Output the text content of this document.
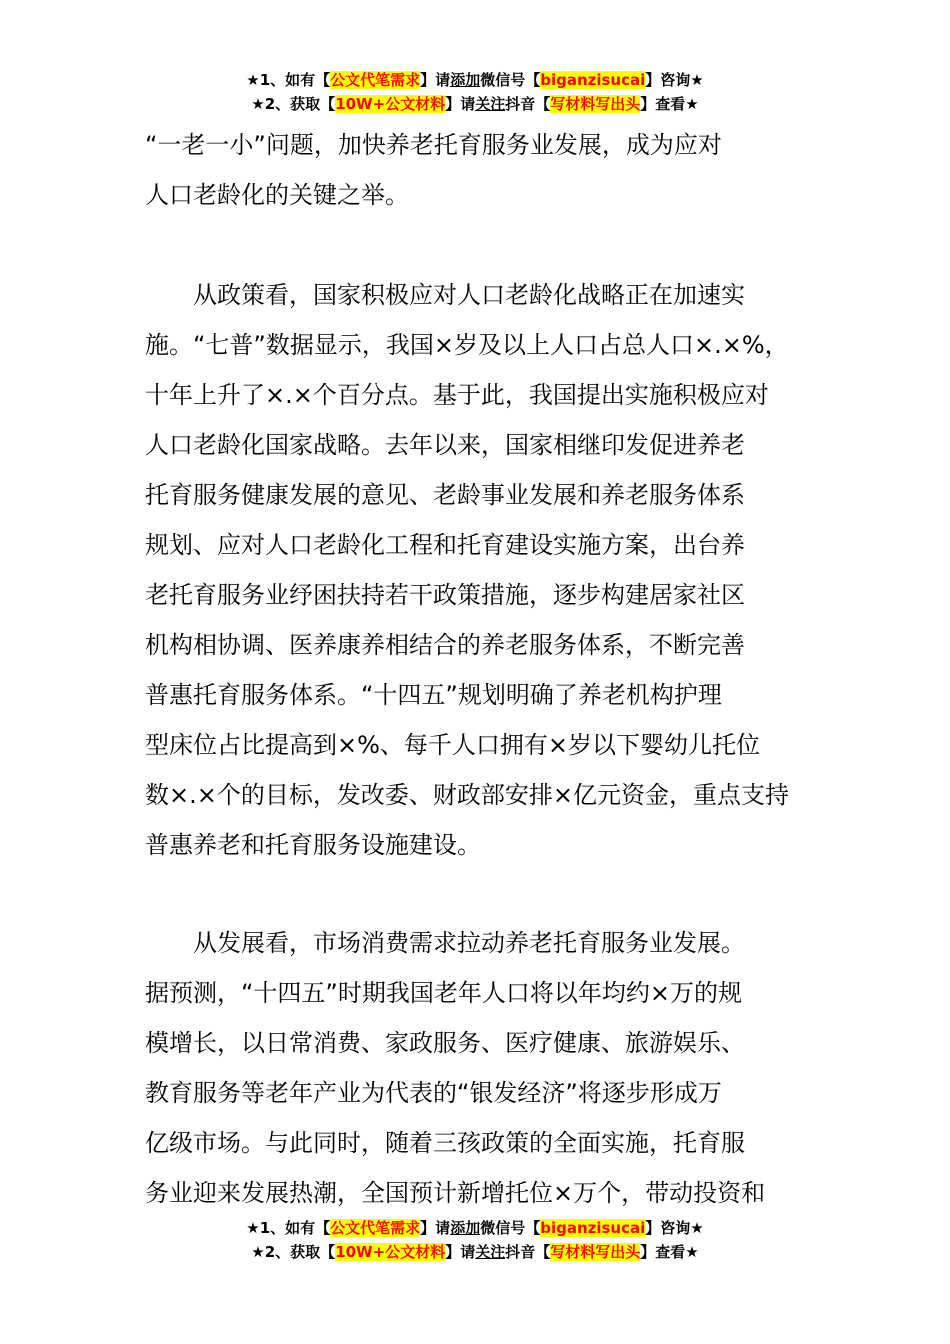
★1、如有【公文代笔需求】请添加微信号【biganzisucai】咨询★
★2、获取【10W+公文材料】请关注抖音【写材料写出头】查看★
“一老一小”问题，加快养老托育服务业发展，成为应对
人口老龄化的关键之举。
　　从政策看，国家积极应对人口老龄化战略正在加速实
施。“七普”数据显示，我国×岁及以上人口占总人口×.×%，
十年上升了×.×个百分点。基于此，我国提出实施积极应对
人口老龄化国家战略。去年以来，国家相继印发促进养老
托育服务健康发展的意见、老龄事业发展和养老服务体系
规划、应对人口老龄化工程和托育建设实施方案，出台养
老托育服务业纾困扶持若干政策措施，逐步构建居家社区
机构相协调、医养康养相结合的养老服务体系，不断完善
普惠托育服务体系。“十四五”规划明确了养老机构护理
型床位占比提高到×%、每千人口拥有×岁以下婴幼儿托位
数×.×个的目标，发改委、财政部安排×亿元资金，重点支持
普惠养老和托育服务设施建设。
　　从发展看，市场消费需求拉动养老托育服务业发展。
据预测，“十四五”时期我国老年人口将以年均约×万的规
模增长，以日常消费、家政服务、医疗健康、旅游娱乐、
教育服务等老年产业为代表的“银发经济”将逐步形成万
亿级市场。与此同时，随着三孩政策的全面实施，托育服
务业迎来发展热潮，全国预计新增托位×万个，带动投资和
★1、如有【公文代笔需求】请添加微信号【biganzisucai】咨询★
★2、获取【10W+公文材料】请关注抖音【写材料写出头】查看★
